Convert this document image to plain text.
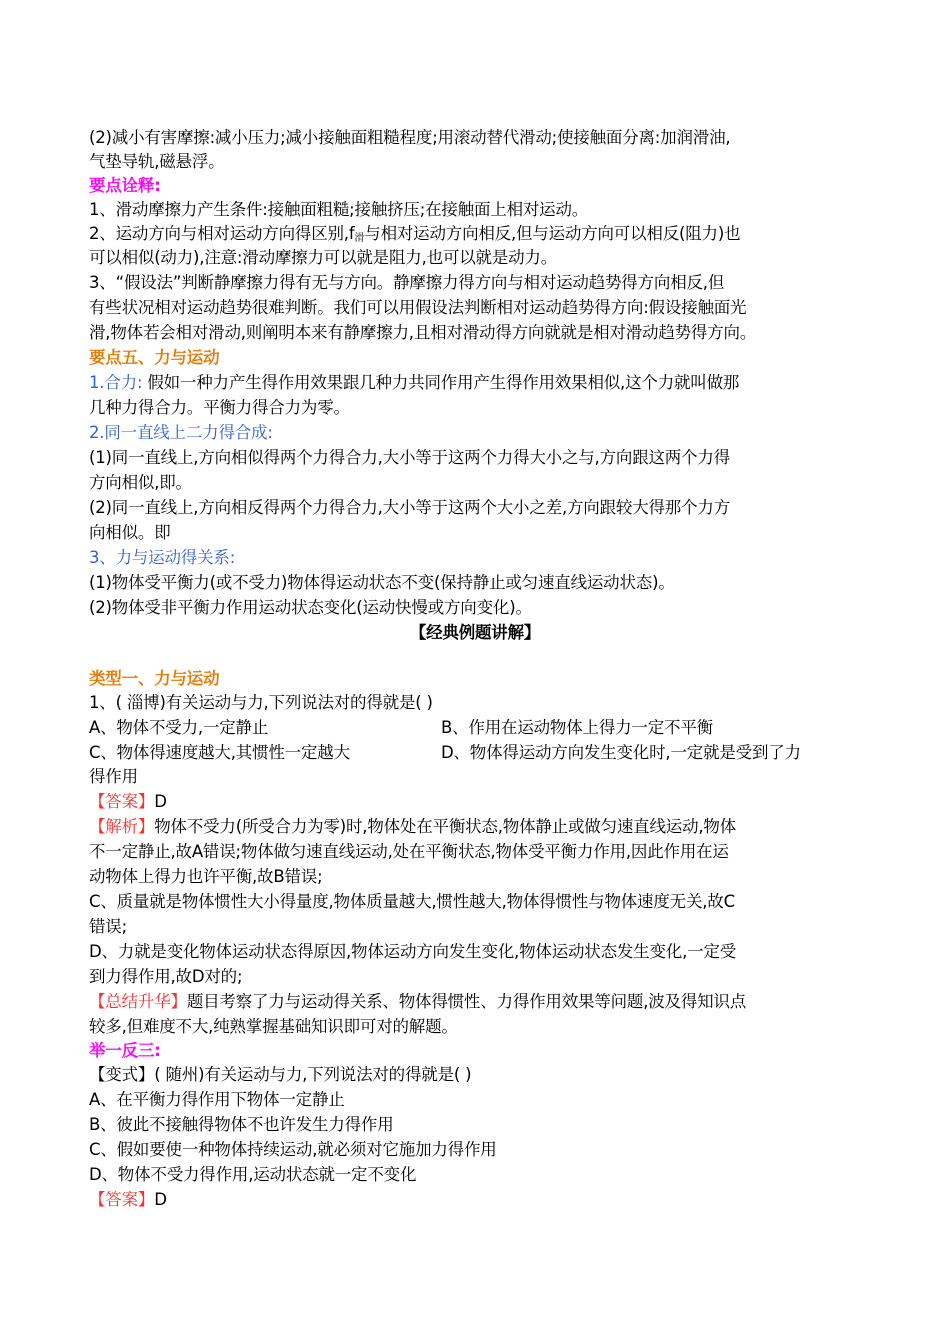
(2)减小有害摩擦:减小压力;减小接触面粗糙程度;用滚动替代滑动;使接触面分离:加润滑油,
气垫导轨,磁悬浮。
要点诠释:
1、滑动摩擦力产生条件:接触面粗糙;接触挤压;在接触面上相对运动。
2、运动方向与相对运动方向得区别$,f_滑$与相对运动方向相反,但与运动方向可以相反(阻力)也
可以相似(动力),注意:滑动摩擦力可以就是阻力,也可以就是动力。
3、“假设法”判断静摩擦力得有无与方向。静摩擦力得方向与相对运动趋势得方向相反,但
有些状况相对运动趋势很难判断。我们可以用假设法判断相对运动趋势得方向:假设接触面光
滑,物体若会相对滑动,则阐明本来有静摩擦力,且相对滑动得方向就就是相对滑动趋势得方向。
要点五、力与运动
1.合力: 假如一种力产生得作用效果跟几种力共同作用产生得作用效果相似,这个力就叫做那
几种力得合力。平衡力得合力为零。
2.同一直线上二力得合成:
(1)同一直线上,方向相似得两个力得合力,大小等于这两个力得大小之与,方向跟这两个力得
方向相似,即。
(2)同一直线上,方向相反得两个力得合力,大小等于这两个大小之差,方向跟较大得那个力方
向相似。即
3、力与运动得关系:
(1)物体受平衡力(或不受力)物体得运动状态不变(保持静止或匀速直线运动状态)。
(2)物体受非平衡力作用运动状态变化(运动快慢或方向变化)。
【经典例题讲解】
类型一、力与运动
1、( 淄博)有关运动与力,下列说法对的得就是( )
A、物体不受力,一定静止	B、作用在运动物体上得力一定不平衡
C、物体得速度越大,其惯性一定越大	D、物体得运动方向发生变化时,一定就是受到了力
得作用
【答案】D
【解析】物体不受力(所受合力为零)时,物体处在平衡状态,物体静止或做匀速直线运动,物体
不一定静止,故A错误;物体做匀速直线运动,处在平衡状态,物体受平衡力作用,因此作用在运
动物体上得力也许平衡,故B错误;
C、质量就是物体惯性大小得量度,物体质量越大,惯性越大,物体得惯性与物体速度无关,故C
错误;
D、力就是变化物体运动状态得原因,物体运动方向发生变化,物体运动状态发生变化,一定受
到力得作用,故D对的;
【总结升华】题目考察了力与运动得关系、物体得惯性、力得作用效果等问题,波及得知识点
较多,但难度不大,纯熟掌握基础知识即可对的解题。
举一反三:
【变式】( 随州)有关运动与力,下列说法对的得就是( )
A、在平衡力得作用下物体一定静止
B、彼此不接触得物体不也许发生力得作用
C、假如要使一种物体持续运动,就必须对它施加力得作用
D、物体不受力得作用,运动状态就一定不变化
【答案】D
